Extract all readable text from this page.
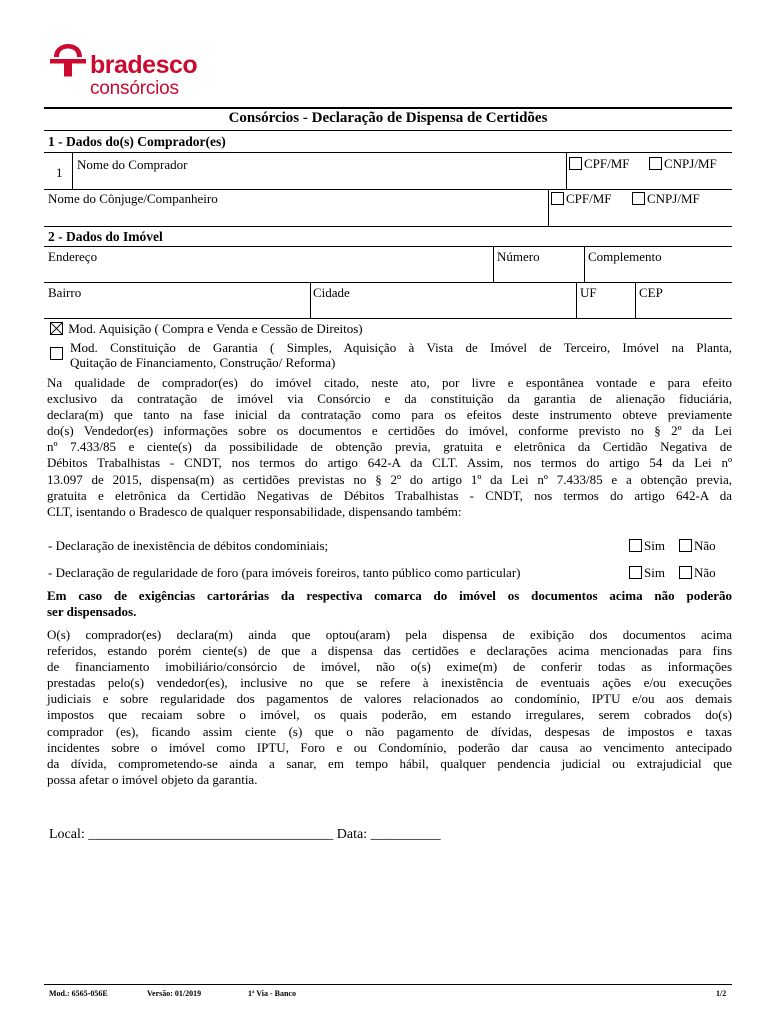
bradesco
consórcios
Consórcios - Declaração de Dispensa de Certidões
1 - Dados do(s) Comprador(es)
1
Nome do Comprador	CPF/MF	CNPJ/MF
Nome do Cônjuge/Companheiro	CPF/MF	CNPJ/MF
2 - Dados do Imóvel
Endereço	Número	Complemento
Bairro	Cidade	UF	CEP
Mod. Aquisição ( Compra e Venda e Cessão de Direitos)
Mod. Constituição de Garantia ( Simples, Aquisição à Vista de Imóvel de Terceiro, Imóvel na Planta,
Quitação de Financiamento, Construção/ Reforma)
Na qualidade de comprador(es) do imóvel citado, neste ato, por livre e espontânea vontade e para efeito
exclusivo da contratação de imóvel via Consórcio e da constituição da garantia de alienação fiduciária,
declara(m) que tanto na fase inicial da contratação como para os efeitos deste instrumento obteve previamente
do(s) Vendedor(es) informações sobre os documentos e certidões do imóvel, conforme previsto no § 2º da Lei
nº 7.433/85 e ciente(s) da possibilidade de obtenção previa, gratuita e eletrônica da Certidão Negativa de
Débitos Trabalhistas - CNDT, nos termos do artigo 642-A da CLT. Assim, nos termos do artigo 54 da Lei nº
13.097 de 2015, dispensa(m) as certidões previstas no § 2º do artigo 1º da Lei nº 7.433/85 e a obtenção previa,
gratuita e eletrônica da Certidão Negativas de Débitos Trabalhistas - CNDT, nos termos do artigo 642-A da
CLT, isentando o Bradesco de qualquer responsabilidade, dispensando também:
- Declaração de inexistência de débitos condominiais;	Sim	Não
- Declaração de regularidade de foro (para imóveis foreiros, tanto público como particular)	Sim	Não
Em caso de exigências cartorárias da respectiva comarca do imóvel os documentos acima não poderão
ser dispensados.
O(s) comprador(es) declara(m) ainda que optou(aram) pela dispensa de exibição dos documentos acima
referidos, estando porém ciente(s) de que a dispensa das certidões e declarações acima mencionadas para fins
de financiamento imobiliário/consórcio de imóvel, não o(s) exime(m) de conferir todas as informações
prestadas pelo(s) vendedor(es), inclusive no que se refere à inexistência de eventuais ações e/ou execuções
judiciais e sobre regularidade dos pagamentos de valores relacionados ao condomínio, IPTU e/ou aos demais
impostos que recaiam sobre o imóvel, os quais poderão, em estando irregulares, serem cobrados do(s)
comprador (es), ficando assim ciente (s) que o não pagamento de dívidas, despesas de impostos e taxas
incidentes sobre o imóvel como IPTU, Foro e ou Condomínio, poderão dar causa ao vencimento antecipado
da dívida, comprometendo-se ainda a sanar, em tempo hábil, qualquer pendencia judicial ou extrajudicial que
possa afetar o imóvel objeto da garantia.
Local: ___________________________________ Data: __________
Mod.: 6565-056E	Versão: 01/2019	1ª Via - Banco	1/2
